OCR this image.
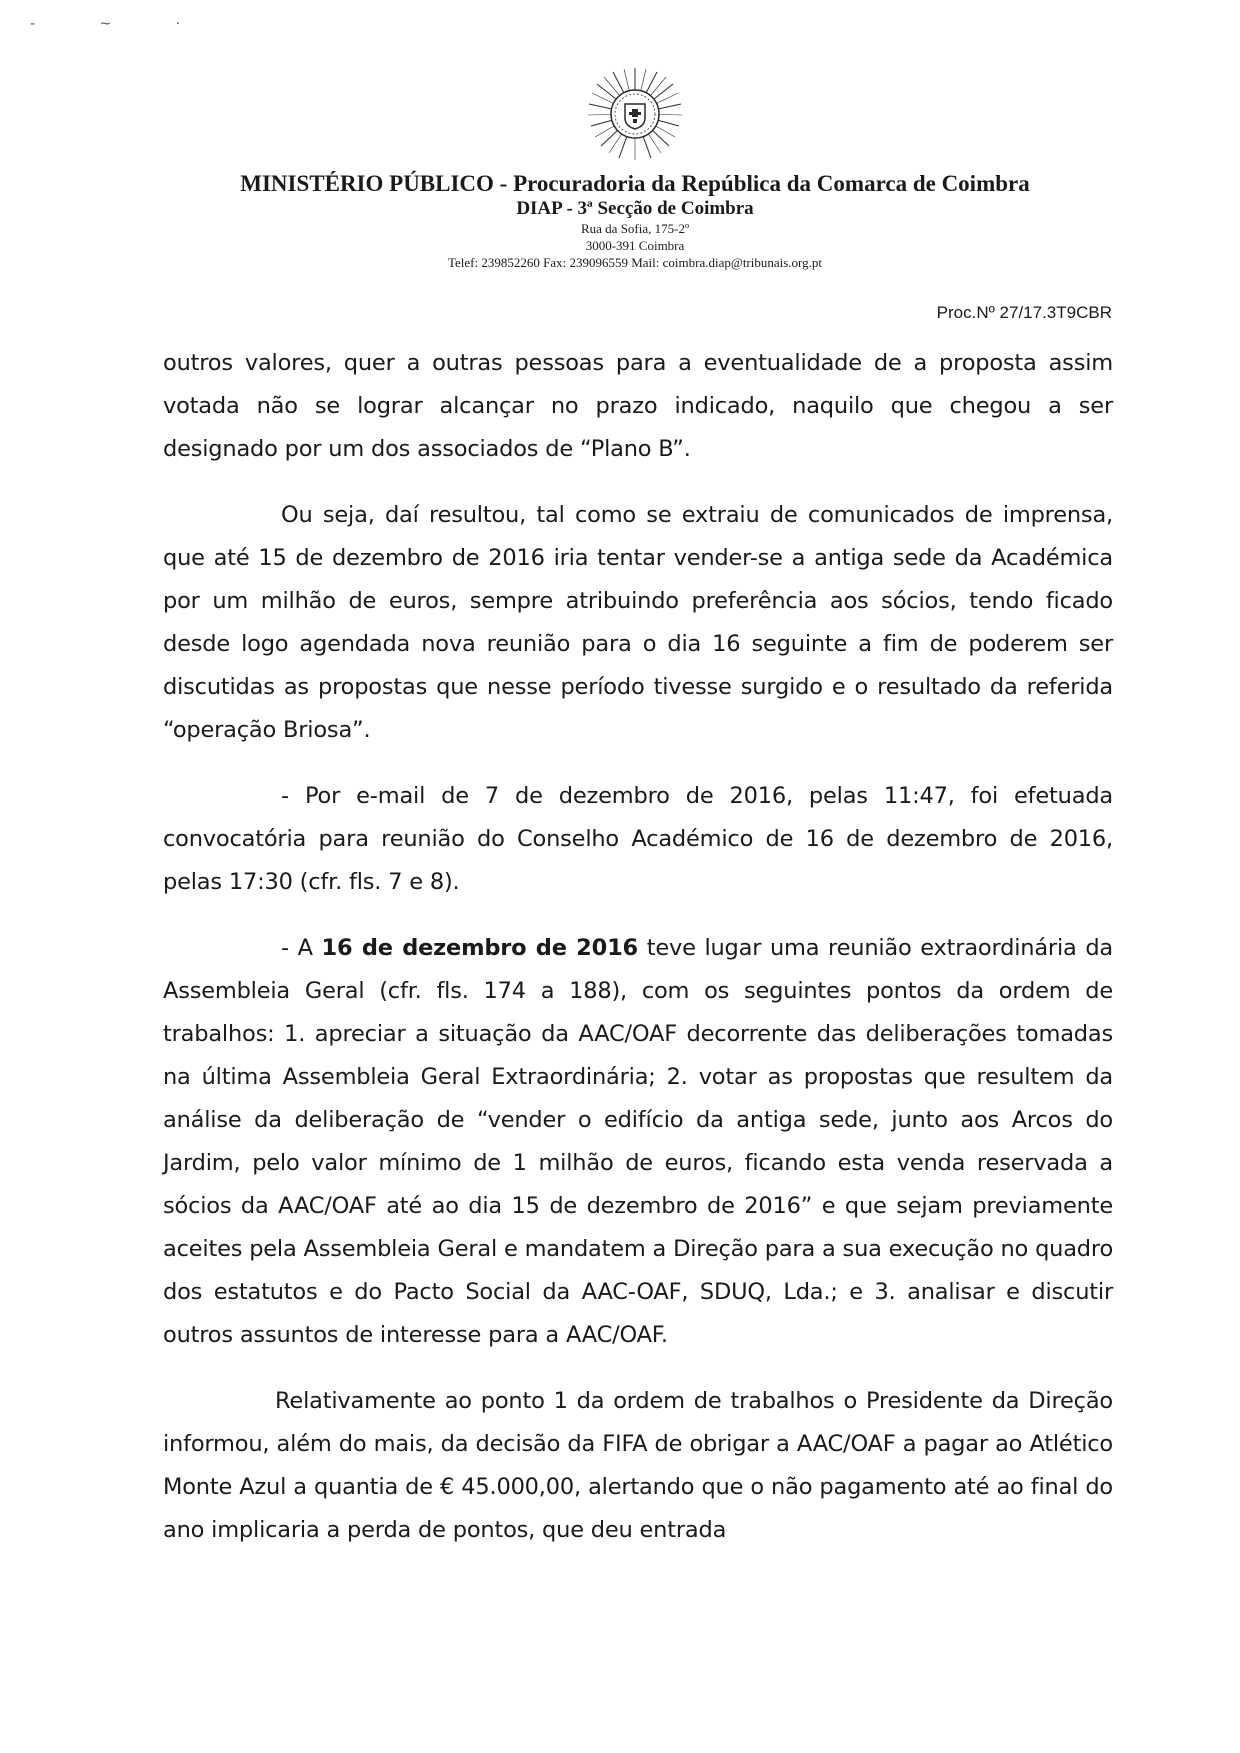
- ~ ·
MINISTÉRIO PÚBLICO - Procuradoria da República da Comarca de Coimbra
DIAP - 3ª Secção de Coimbra
Rua da Sofia, 175-2º
3000-391 Coimbra
Telef: 239852260 Fax: 239096559 Mail: coimbra.diap@tribunais.org.pt
Proc.Nº 27/17.3T9CBR

outros valores, quer a outras pessoas para a eventualidade de a proposta assim votada não se lograr alcançar no prazo indicado, naquilo que chegou a ser designado por um dos associados de “Plano B”.

Ou seja, daí resultou, tal como se extraiu de comunicados de imprensa, que até 15 de dezembro de 2016 iria tentar vender-se a antiga sede da Académica por um milhão de euros, sempre atribuindo preferência aos sócios, tendo ficado desde logo agendada nova reunião para o dia 16 seguinte a fim de poderem ser discutidas as propostas que nesse período tivesse surgido e o resultado da referida “operação Briosa”.

- Por e-mail de 7 de dezembro de 2016, pelas 11:47, foi efetuada convocatória para reunião do Conselho Académico de 16 de dezembro de 2016, pelas 17:30 (cfr. fls. 7 e 8).

- A 16 de dezembro de 2016 teve lugar uma reunião extraordinária da Assembleia Geral (cfr. fls. 174 a 188), com os seguintes pontos da ordem de trabalhos: 1. apreciar a situação da AAC/OAF decorrente das deliberações tomadas na última Assembleia Geral Extraordinária; 2. votar as propostas que resultem da análise da deliberação de “vender o edifício da antiga sede, junto aos Arcos do Jardim, pelo valor mínimo de 1 milhão de euros, ficando esta venda reservada a sócios da AAC/OAF até ao dia 15 de dezembro de 2016” e que sejam previamente aceites pela Assembleia Geral e mandatem a Direção para a sua execução no quadro dos estatutos e do Pacto Social da AAC-OAF, SDUQ, Lda.; e 3. analisar e discutir outros assuntos de interesse para a AAC/OAF.

Relativamente ao ponto 1 da ordem de trabalhos o Presidente da Direção informou, além do mais, da decisão da FIFA de obrigar a AAC/OAF a pagar ao Atlético Monte Azul a quantia de € 45.000,00, alertando que o não pagamento até ao final do ano implicaria a perda de pontos, que deu entrada
